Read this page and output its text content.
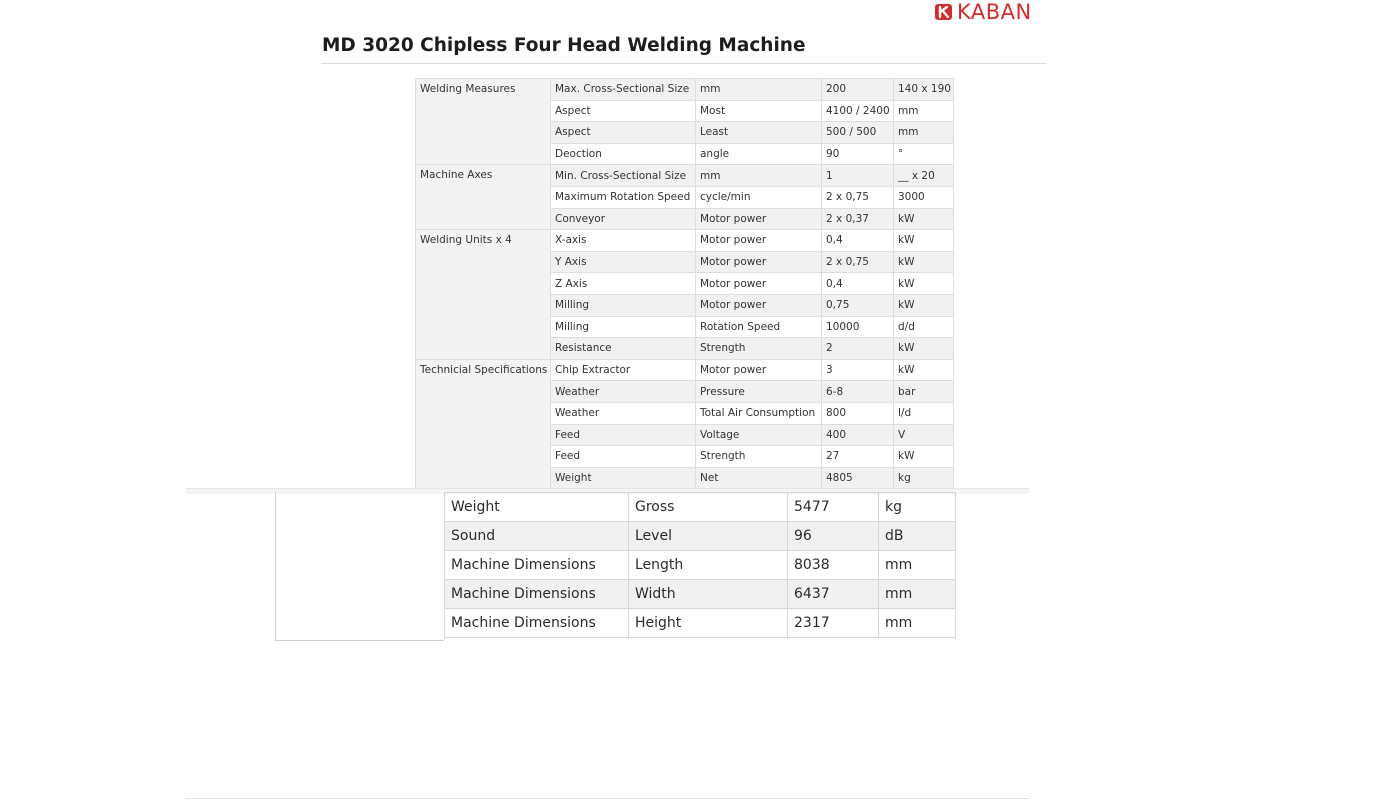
KABAN
MD 3020 Chipless Four Head Welding Machine
Welding Measures	Max. Cross-Sectional Size	mm	200	140 x 190
	Aspect	Most	4100 / 2400	mm
	Aspect	Least	500 / 500	mm
	Deoction	angle	90	°
Machine Axes	Min. Cross-Sectional Size	mm	1	__ x 20
	Maximum Rotation Speed	cycle/min	2 x 0,75	3000
	Conveyor	Motor power	2 x 0,37	kW
Welding Units x 4	X-axis	Motor power	0,4	kW
	Y Axis	Motor power	2 x 0,75	kW
	Z Axis	Motor power	0,4	kW
	Milling	Motor power	0,75	kW
	Milling	Rotation Speed	10000	d/d
	Resistance	Strength	2	kW
Technicial Specifications	Chip Extractor	Motor power	3	kW
	Weather	Pressure	6-8	bar
	Weather	Total Air Consumption	800	l/d
	Feed	Voltage	400	V
	Feed	Strength	27	kW
	Weight	Net	4805	kg
Weight	Gross	5477	kg
Sound	Level	96	dB
Machine Dimensions	Length	8038	mm
Machine Dimensions	Width	6437	mm
Machine Dimensions	Height	2317	mm
